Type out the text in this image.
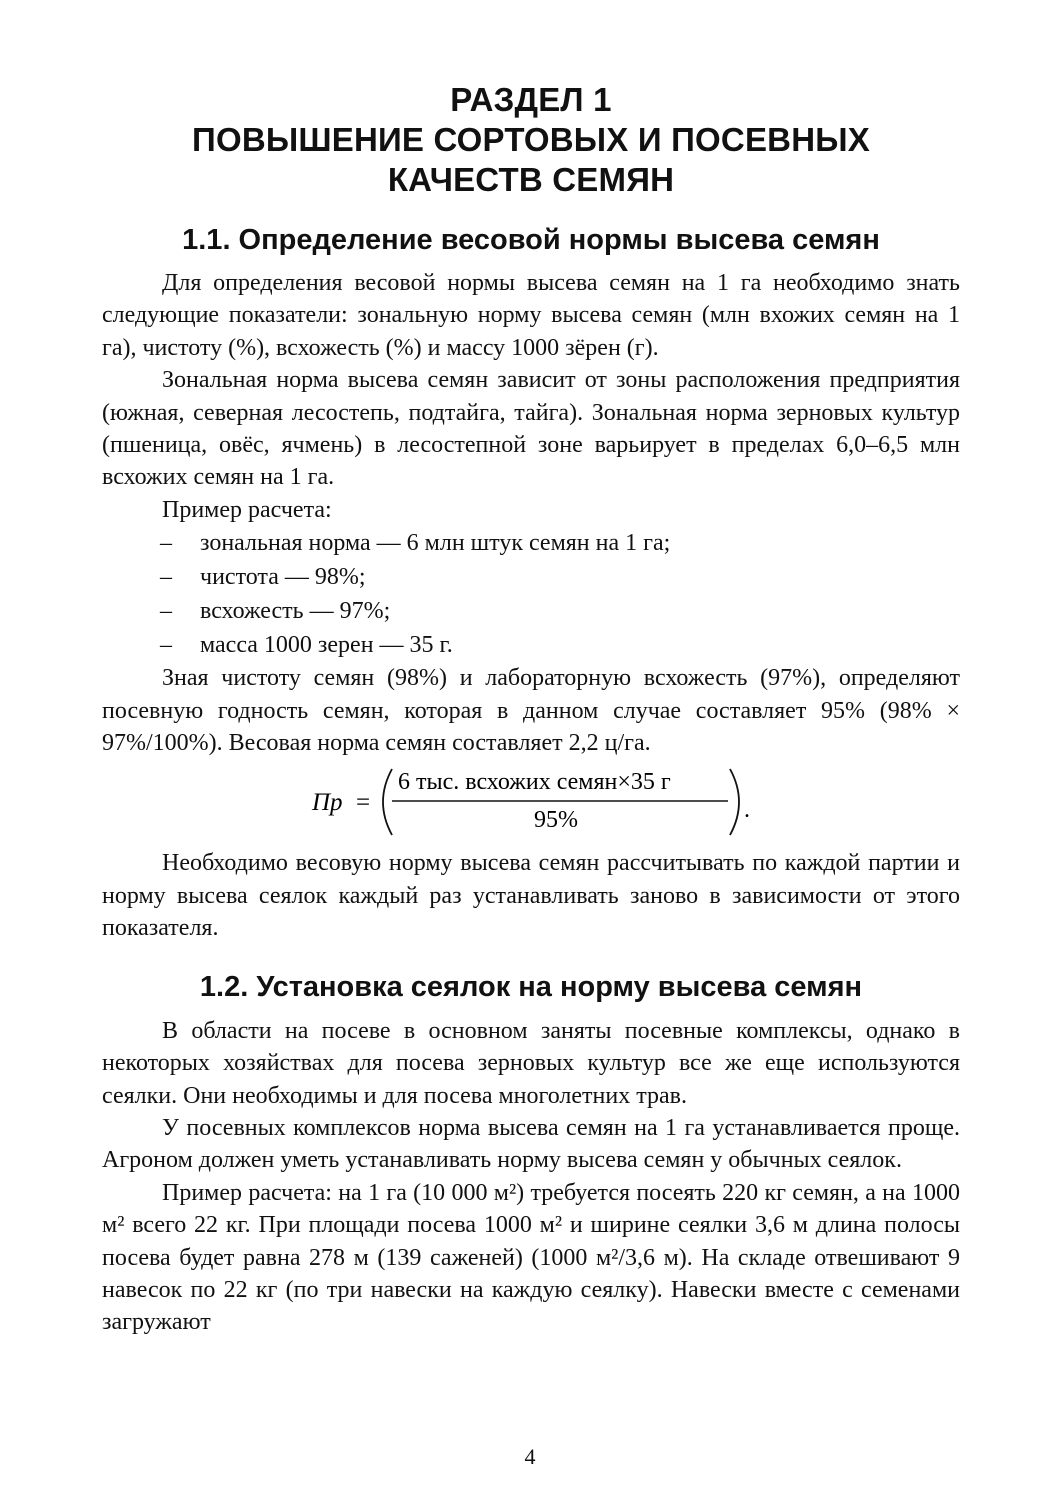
РАЗДЕЛ 1
ПОВЫШЕНИЕ СОРТОВЫХ И ПОСЕВНЫХ
КАЧЕСТВ СЕМЯН
1.1. Определение весовой нормы высева семян

Для определения весовой нормы высева семян на 1 га необходимо знать следующие показатели: зональную норму высева семян (млн вхожих семян на 1 га), чистоту (%), всхожесть (%) и массу 1000 зёрен (г).

Зональная норма высева семян зависит от зоны расположения предприятия (южная, северная лесостепь, подтайга, тайга). Зональная норма зерновых культур (пшеница, овёс, ячмень) в лесостепной зоне варьирует в пределах 6,0–6,5 млн всхожих семян на 1 га.

Пример расчета:

–	зональная норма — 6 млн штук семян на 1 га;
–	чистота — 98%;
–	всхожесть — 97%;
–	масса 1000 зерен — 35 г.

Зная чистоту семян (98%) и лабораторную всхожесть (97%), определяют посевную годность семян, которая в данном случае составляет 95% (98% × 97%/100%). Весовая норма семян составляет 2,2 ц/га.

Пр =
6 тыс. всхожих семян×35 г
95%	.

Необходимо весовую норму высева семян рассчитывать по каждой партии и норму высева сеялок каждый раз устанавливать заново в зависимости от этого показателя.

1.2. Установка сеялок на норму высева семян

В области на посеве в основном заняты посевные комплексы, однако в некоторых хозяйствах для посева зерновых культур все же еще используются сеялки. Они необходимы и для посева многолетних трав.

У посевных комплексов норма высева семян на 1 га устанавливается проще. Агроном должен уметь устанавливать норму высева семян у обычных сеялок.

Пример расчета: на 1 га (10 000 м²) требуется посеять 220 кг семян, а на 1000 м² всего 22 кг. При площади посева 1000 м² и ширине сеялки 3,6 м длина полосы посева будет равна 278 м (139 саженей) (1000 м²/3,6 м). На складе отвешивают 9 навесок по 22 кг (по три навески на каждую сеялку). Навески вместе с семенами загружают

4
